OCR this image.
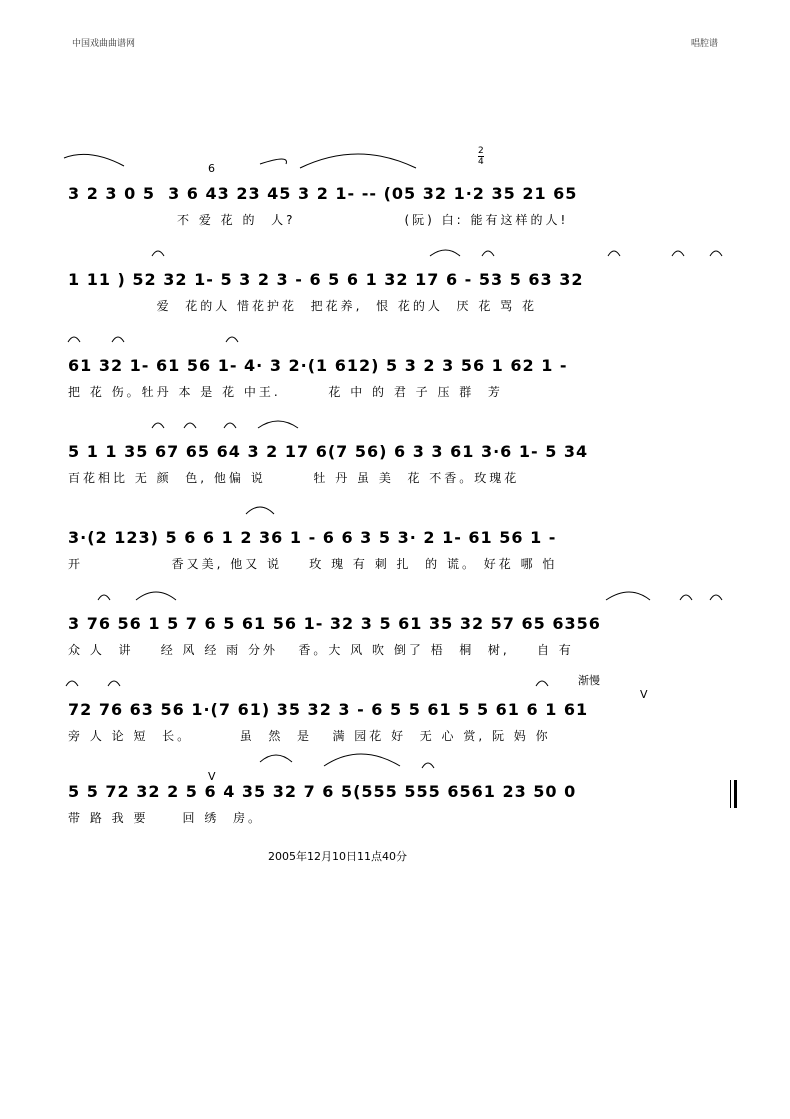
中国戏曲曲谱网	唱腔谱
6
2
4
3 2 3 0 5  3 6 43 23 45 3 2 1- -- (05 32 1·2 35 21 65
不 爱 花 的  人?                (阮) 白: 能有这样的人!
1 11 ) 52 32 1- 5 3 2 3 - 6 5 6 1 32 17 6 - 53 5 63 32
爱  花的人 惜花护花  把花养,  恨 花的人  厌 花 骂 花
61 32 1- 61 56 1- 4· 3 2·(1 612) 5 3 2 3 56 1 62 1 -
把 花 伤。牡丹 本 是 花 中王.       花 中 的 君 子 压 群  芳
5 1 1 35 67 65 64 3 2 17 6(7 56) 6 3 3 61 3·6 1- 5 34
百花相比 无 颜  色, 他偏 说       牡 丹 虽 美  花 不香。玫瑰花
3·(2 123) 5 6 6 1 2 36 1 - 6 6 3 5 3· 2 1- 61 56 1 -
开             香又美, 他又 说    玫 瑰 有 刺 扎  的 谎。 好花 哪 怕
3 76 56 1 5 7 6 5 61 56 1- 32 3 5 61 35 32 57 65 6356
众 人  讲    经 风 经 雨 分外   香。大 风 吹 倒了 梧  桐  树,    自 有
渐慢
V
72 76 63 56 1·(7 61) 35 32 3 - 6 5 5 61 5 5 61 6 1 61
旁 人 论 短  长。       虽  然  是   满 园花 好  无 心 赏, 阮 妈 你
V
5 5 72 32 2 5 6 4 35 32 7 6 5(555 555 6561 23 50 0
带 路 我 要     回 绣  房。
2005年12月10日11点40分
